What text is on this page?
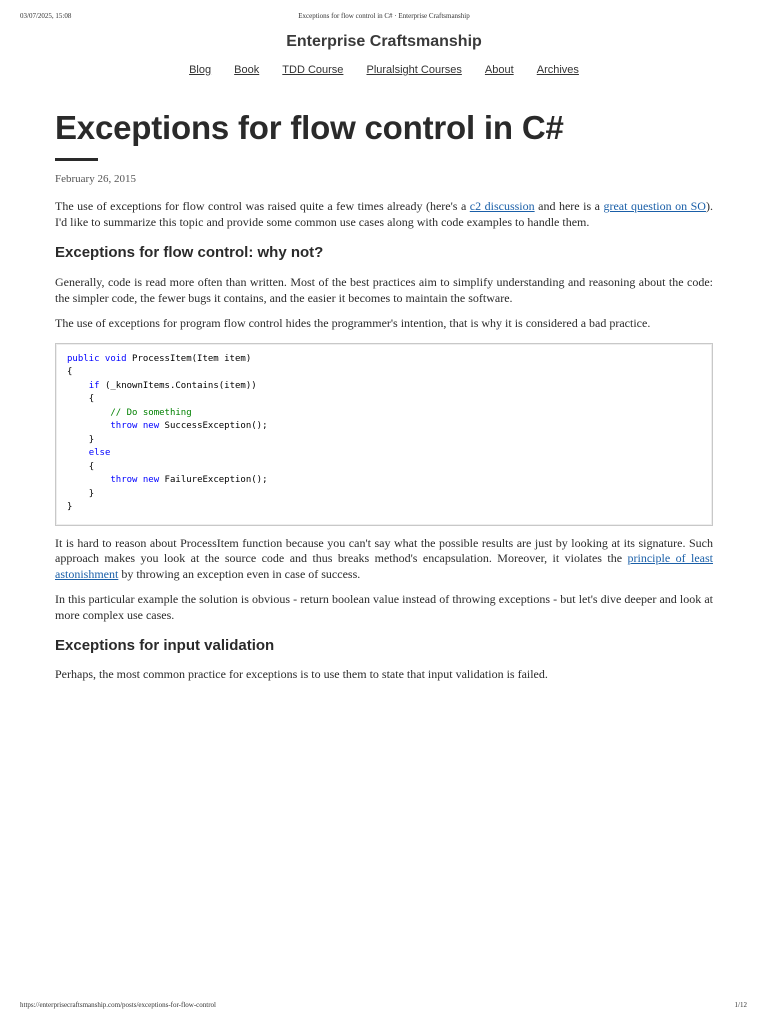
03/07/2025, 15:08	Exceptions for flow control in C# · Enterprise Craftsmanship
Enterprise Craftsmanship
Blog Book TDD Course Pluralsight Courses About Archives
Exceptions for flow control in C#
February 26, 2015

The use of exceptions for flow control was raised quite a few times already (here's a c2 discussion and here is a great question on SO). I'd like to summarize this topic and provide some common use cases along with code examples to handle them.

Exceptions for flow control: why not?

Generally, code is read more often than written. Most of the best practices aim to simplify understanding and reasoning about the code: the simpler code, the fewer bugs it contains, and the easier it becomes to maintain the software.

The use of exceptions for program flow control hides the programmer's intention, that is why it is considered a bad practice.

public void ProcessItem(Item item)
{
if (_knownItems.Contains(item))
{
// Do something
throw new SuccessException();
}
else
{
throw new FailureException();
}
}

It is hard to reason about ProcessItem function because you can't say what the possible results are just by looking at its signature. Such approach makes you look at the source code and thus breaks method's encapsulation. Moreover, it violates the principle of least astonishment by throwing an exception even in case of success.

In this particular example the solution is obvious - return boolean value instead of throwing exceptions - but let's dive deeper and look at more complex use cases.

Exceptions for input validation

Perhaps, the most common practice for exceptions is to use them to state that input validation is failed.

https://enterprisecraftsmanship.com/posts/exceptions-for-flow-control	1/12
